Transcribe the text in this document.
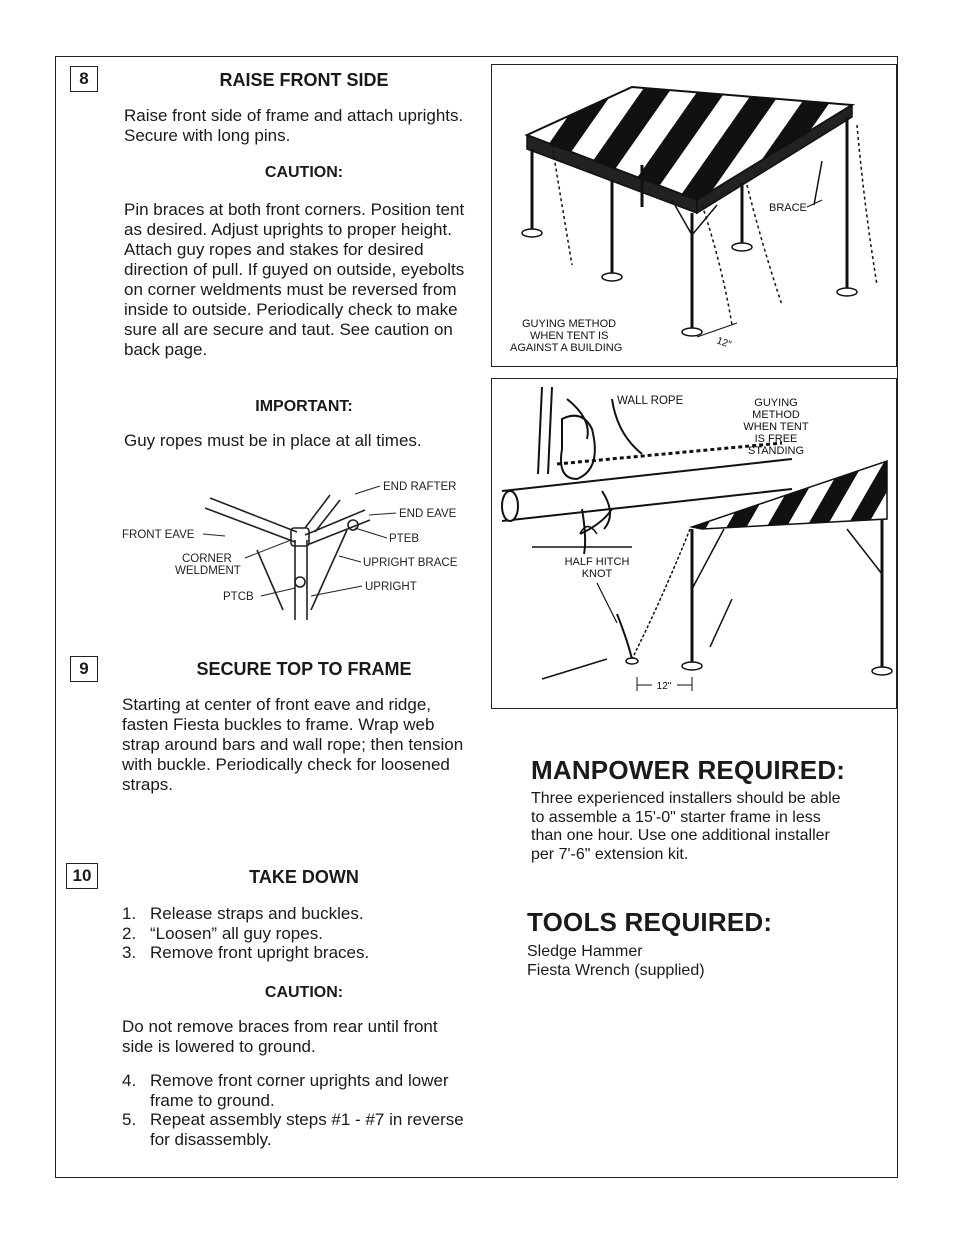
8	RAISE FRONT SIDE
Raise front side of frame and attach uprights. Secure with long pins.
CAUTION:
Pin braces at both front corners. Position tent as desired. Adjust uprights to proper height. Attach guy ropes and stakes for desired direction of pull. If guyed on outside, eyebolts on corner weldments must be reversed from inside to outside. Periodically check to make sure all are secure and taut. See caution on back page.
IMPORTANT:
Guy ropes must be in place at all times.
END RAFTER
END EAVE
FRONT EAVE	PTEB
CORNER
WELDMENT
UPRIGHT BRACE
UPRIGHT
PTCB
9	SECURE TOP TO FRAME
Starting at center of front eave and ridge, fasten Fiesta buckles to frame. Wrap web strap around bars and wall rope; then tension with buckle. Periodically check for loosened straps.
10	TAKE DOWN
1. Release straps and buckles.
2. “Loosen” all guy ropes.
3. Remove front upright braces.
CAUTION:
Do not remove braces from rear until front side is lowered to ground.
4. Remove front corner uprights and lower frame to ground.
5. Repeat assembly steps #1 - #7 in reverse for disassembly.
BRACE
GUYING METHOD
WHEN TENT IS
AGAINST A BUILDING	12"
WALL ROPE	GUYING
METHOD
WHEN TENT
IS FREE
STANDING
HALF HITCH
KNOT
12"
MANPOWER REQUIRED:
Three experienced installers should be able to assemble a 15'-0" starter frame in less than one hour. Use one additional installer per 7'-6" extension kit.
TOOLS REQUIRED:

Sledge Hammer

Fiesta Wrench (supplied)
